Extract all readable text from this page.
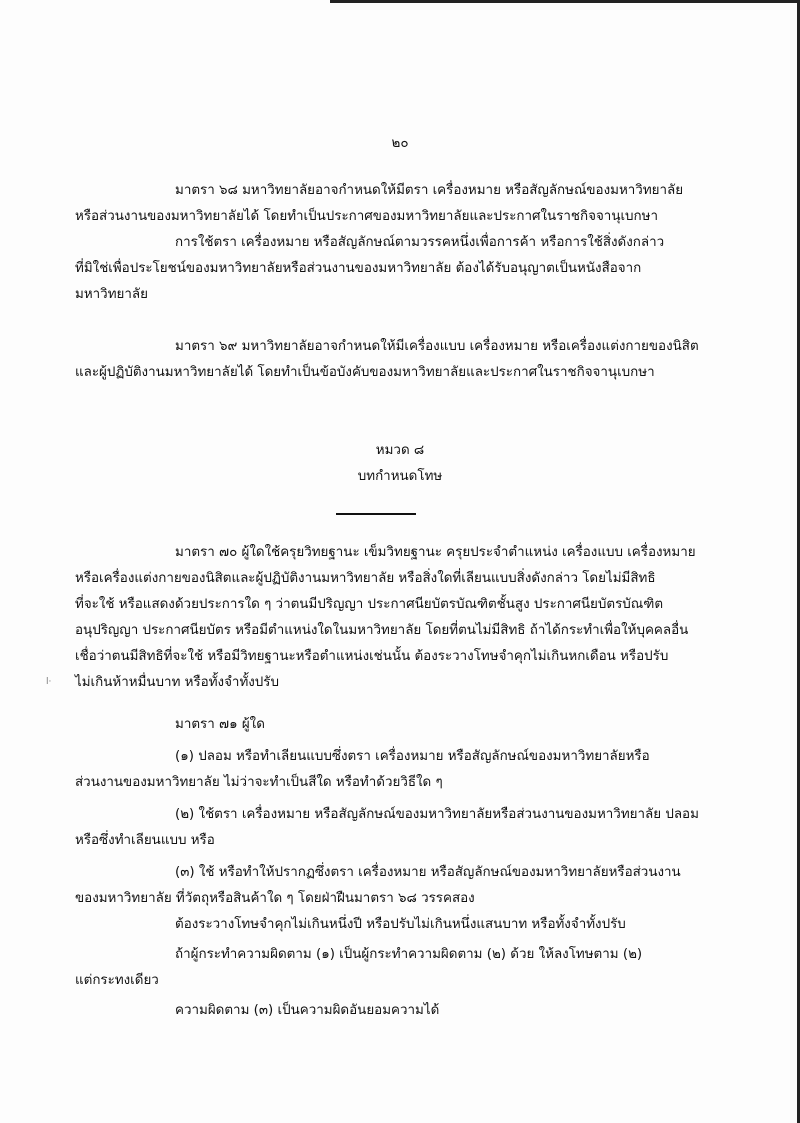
๒๐
มาตรา ๖๘ มหาวิทยาลัยอาจกำหนดให้มีตรา เครื่องหมาย หรือสัญลักษณ์ของมหาวิทยาลัย
หรือส่วนงานของมหาวิทยาลัยได้ โดยทำเป็นประกาศของมหาวิทยาลัยและประกาศในราชกิจจานุเบกษา
การใช้ตรา เครื่องหมาย หรือสัญลักษณ์ตามวรรคหนึ่งเพื่อการค้า หรือการใช้สิ่งดังกล่าว
ที่มิใช่เพื่อประโยชน์ของมหาวิทยาลัยหรือส่วนงานของมหาวิทยาลัย ต้องได้รับอนุญาตเป็นหนังสือจาก
มหาวิทยาลัย
มาตรา ๖๙ มหาวิทยาลัยอาจกำหนดให้มีเครื่องแบบ เครื่องหมาย หรือเครื่องแต่งกายของนิสิต
และผู้ปฏิบัติงานมหาวิทยาลัยได้ โดยทำเป็นข้อบังคับของมหาวิทยาลัยและประกาศในราชกิจจานุเบกษา
หมวด ๘
บทกำหนดโทษ
มาตรา ๗๐ ผู้ใดใช้ครุยวิทยฐานะ เข็มวิทยฐานะ ครุยประจำตำแหน่ง เครื่องแบบ เครื่องหมาย
หรือเครื่องแต่งกายของนิสิตและผู้ปฏิบัติงานมหาวิทยาลัย หรือสิ่งใดที่เลียนแบบสิ่งดังกล่าว โดยไม่มีสิทธิ
ที่จะใช้ หรือแสดงด้วยประการใด ๆ ว่าตนมีปริญญา ประกาศนียบัตรบัณฑิตชั้นสูง ประกาศนียบัตรบัณฑิต
อนุปริญญา ประกาศนียบัตร หรือมีตำแหน่งใดในมหาวิทยาลัย โดยที่ตนไม่มีสิทธิ ถ้าได้กระทำเพื่อให้บุคคลอื่น
เชื่อว่าตนมีสิทธิที่จะใช้ หรือมีวิทยฐานะหรือตำแหน่งเช่นนั้น ต้องระวางโทษจำคุกไม่เกินหกเดือน หรือปรับ
l· ไม่เกินห้าหมื่นบาท หรือทั้งจำทั้งปรับ
มาตรา ๗๑ ผู้ใด
(๑) ปลอม หรือทำเลียนแบบซึ่งตรา เครื่องหมาย หรือสัญลักษณ์ของมหาวิทยาลัยหรือ
ส่วนงานของมหาวิทยาลัย ไม่ว่าจะทำเป็นสีใด หรือทำด้วยวิธีใด ๆ
(๒) ใช้ตรา เครื่องหมาย หรือสัญลักษณ์ของมหาวิทยาลัยหรือส่วนงานของมหาวิทยาลัย ปลอม
หรือซึ่งทำเลียนแบบ หรือ
(๓) ใช้ หรือทำให้ปรากฏซึ่งตรา เครื่องหมาย หรือสัญลักษณ์ของมหาวิทยาลัยหรือส่วนงาน
ของมหาวิทยาลัย ที่วัตถุหรือสินค้าใด ๆ โดยฝ่าฝืนมาตรา ๖๘ วรรคสอง
ต้องระวางโทษจำคุกไม่เกินหนึ่งปี หรือปรับไม่เกินหนึ่งแสนบาท หรือทั้งจำทั้งปรับ
ถ้าผู้กระทำความผิดตาม (๑) เป็นผู้กระทำความผิดตาม (๒) ด้วย ให้ลงโทษตาม (๒)
แต่กระทงเดียว
ความผิดตาม (๓) เป็นความผิดอันยอมความได้
